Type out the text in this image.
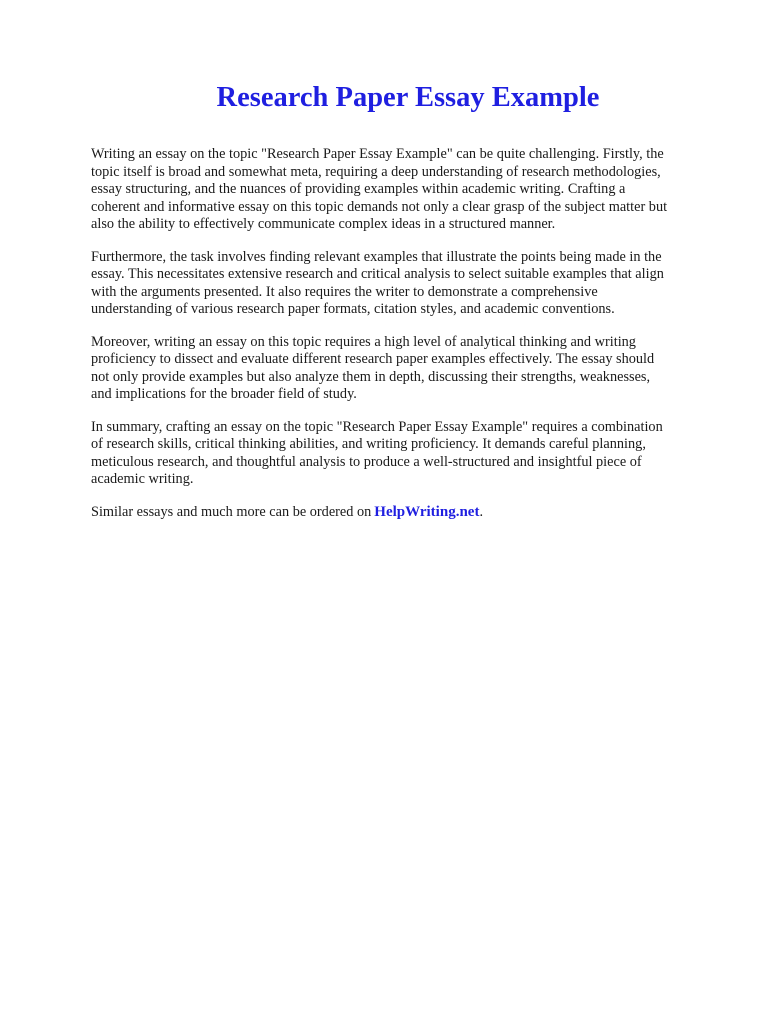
Research Paper Essay Example

Writing an essay on the topic "Research Paper Essay Example" can be quite challenging. Firstly, the
topic itself is broad and somewhat meta, requiring a deep understanding of research methodologies,
essay structuring, and the nuances of providing examples within academic writing. Crafting a
coherent and informative essay on this topic demands not only a clear grasp of the subject matter but
also the ability to effectively communicate complex ideas in a structured manner.

Furthermore, the task involves finding relevant examples that illustrate the points being made in the
essay. This necessitates extensive research and critical analysis to select suitable examples that align
with the arguments presented. It also requires the writer to demonstrate a comprehensive
understanding of various research paper formats, citation styles, and academic conventions.

Moreover, writing an essay on this topic requires a high level of analytical thinking and writing
proficiency to dissect and evaluate different research paper examples effectively. The essay should
not only provide examples but also analyze them in depth, discussing their strengths, weaknesses,
and implications for the broader field of study.

In summary, crafting an essay on the topic "Research Paper Essay Example" requires a combination
of research skills, critical thinking abilities, and writing proficiency. It demands careful planning,
meticulous research, and thoughtful analysis to produce a well-structured and insightful piece of
academic writing.

Similar essays and much more can be ordered on HelpWriting.net.
